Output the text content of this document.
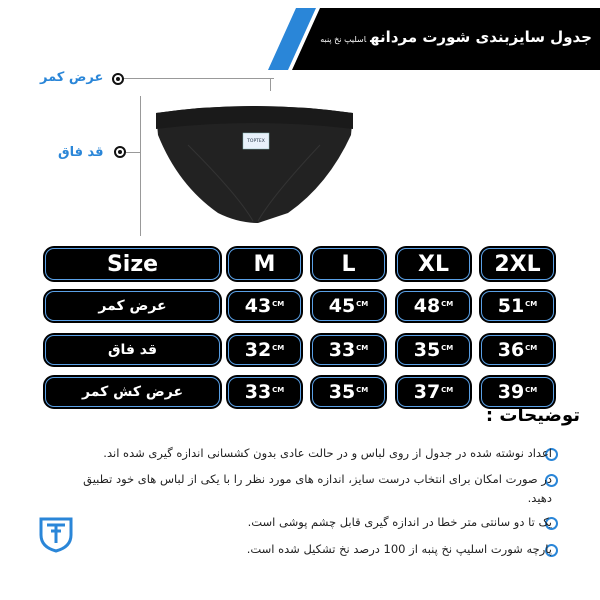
جدول سایزبندی شورت مردانهاسلیپ نخ پنبه
عرض کمر
قد فاق
TOPTEX
Size	M	L	XL	2XL
عرض کمر	43 CM 45 CM 48 CM 51 CM
قد فاق	32 CM 33 CM 35 CM 36 CM
عرض کش کمر	33 CM 35 CM 37 CM 39 CM
توضیحات :
اعداد نوشته شده در جدول از روی لباس و در حالت عادی بدون کشسانی اندازه گیری شده اند.
در صورت امکان برای انتخاب درست سایز، اندازه های مورد نظر را با یکی از لباس های خود تطبیق دهید.
یک تا دو سانتی متر خطا در اندازه گیری قابل چشم پوشی است.
پارچه شورت اسلیپ نخ پنبه از 100 درصد نخ تشکیل شده است.
